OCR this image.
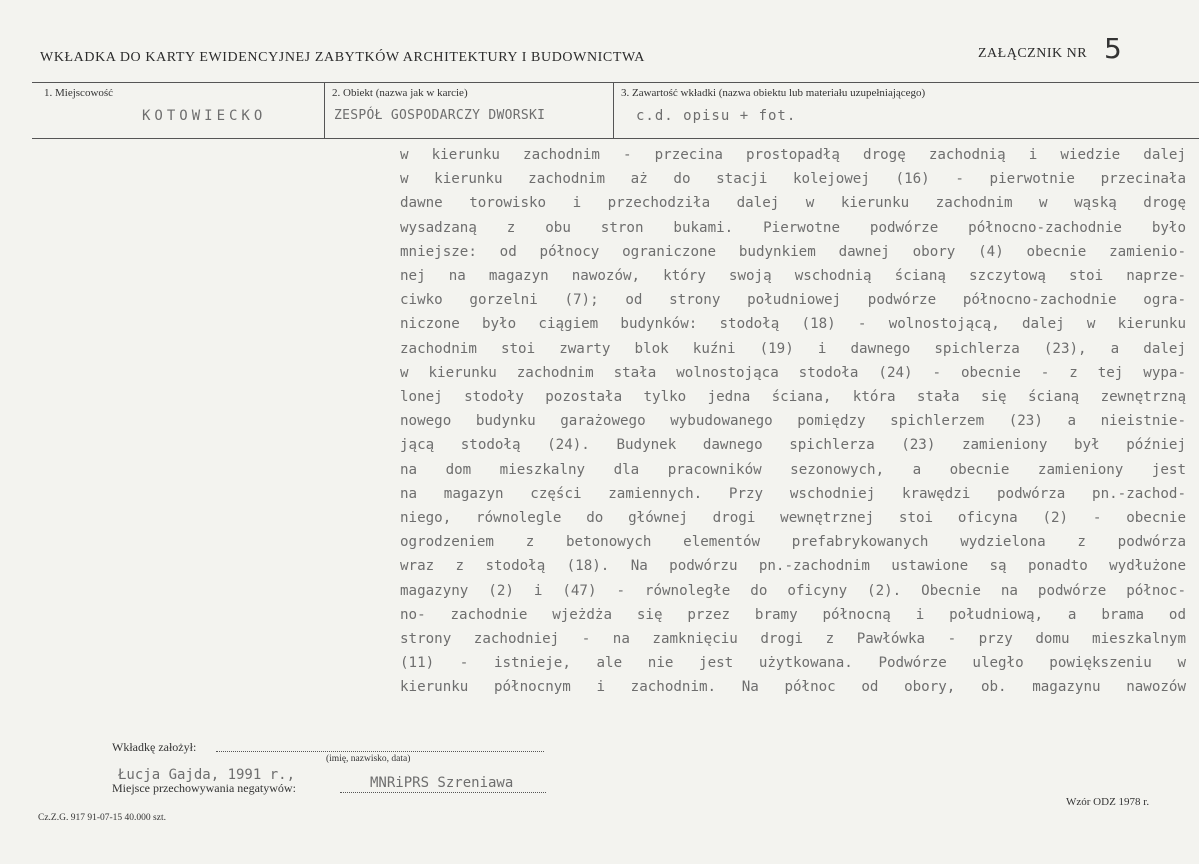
WKŁADKA DO KARTY EWIDENCYJNEJ ZABYTKÓW ARCHITEKTURY I BUDOWNICTWA	ZAŁĄCZNIK NR 5
1. Miejscowość	2. Obiekt (nazwa jak w karcie)	3. Zawartość wkładki (nazwa obiektu lub materiału uzupełniającego)
KOTOWIECKO	ZESPÓŁ GOSPODARCZY DWORSKI	c.d. opisu + fot.
w kierunku zachodnim - przecina prostopadłą drogę zachodnią i wiedzie dalej
w kierunku zachodnim aż do stacji kolejowej (16) - pierwotnie przecinała
dawne torowisko i przechodziła dalej w kierunku zachodnim w wąską drogę
wysadzaną z obu stron bukami. Pierwotne podwórze północno-zachodnie było
mniejsze: od północy ograniczone budynkiem dawnej obory (4) obecnie zamienio-
nej na magazyn nawozów, który swoją wschodnią ścianą szczytową stoi naprze-
ciwko gorzelni (7); od strony południowej podwórze północno-zachodnie ogra-
niczone było ciągiem budynków: stodołą (18) - wolnostojącą, dalej w kierunku
zachodnim stoi zwarty blok kuźni (19) i dawnego spichlerza (23), a dalej
w kierunku zachodnim stała wolnostojąca stodoła (24) - obecnie - z tej wypa-
lonej stodoły pozostała tylko jedna ściana, która stała się ścianą zewnętrzną
nowego budynku garażowego wybudowanego pomiędzy spichlerzem (23) a nieistnie-
jącą stodołą (24). Budynek dawnego spichlerza (23) zamieniony był później
na dom mieszkalny dla pracowników sezonowych, a obecnie zamieniony jest
na magazyn części zamiennych. Przy wschodniej krawędzi podwórza pn.-zachod-
niego, równolegle do głównej drogi wewnętrznej stoi oficyna (2) - obecnie
ogrodzeniem z betonowych elementów prefabrykowanych wydzielona z podwórza
wraz z stodołą (18). Na podwórzu pn.-zachodnim ustawione są ponadto wydłużone
magazyny (2) i (47) - równoległe do oficyny (2). Obecnie na podwórze północ-
no- zachodnie wjeżdża się przez bramy północną i południową, a brama od
strony zachodniej - na zamknięciu drogi z Pawłówka - przy domu mieszkalnym
(11) - istnieje, ale nie jest użytkowana. Podwórze uległo powiększeniu w
kierunku północnym i zachodnim. Na północ od obory, ob. magazynu nawozów
Wkładkę założył:
(imię, nazwisko, data)
Łucja Gajda, 1991 r.,
Miejsce przechowywania negatywów:	MNRiPRS Szreniawa
Cz.Z.G. 917 91-07-15 40.000 szt.
Wzór ODZ 1978 r.
